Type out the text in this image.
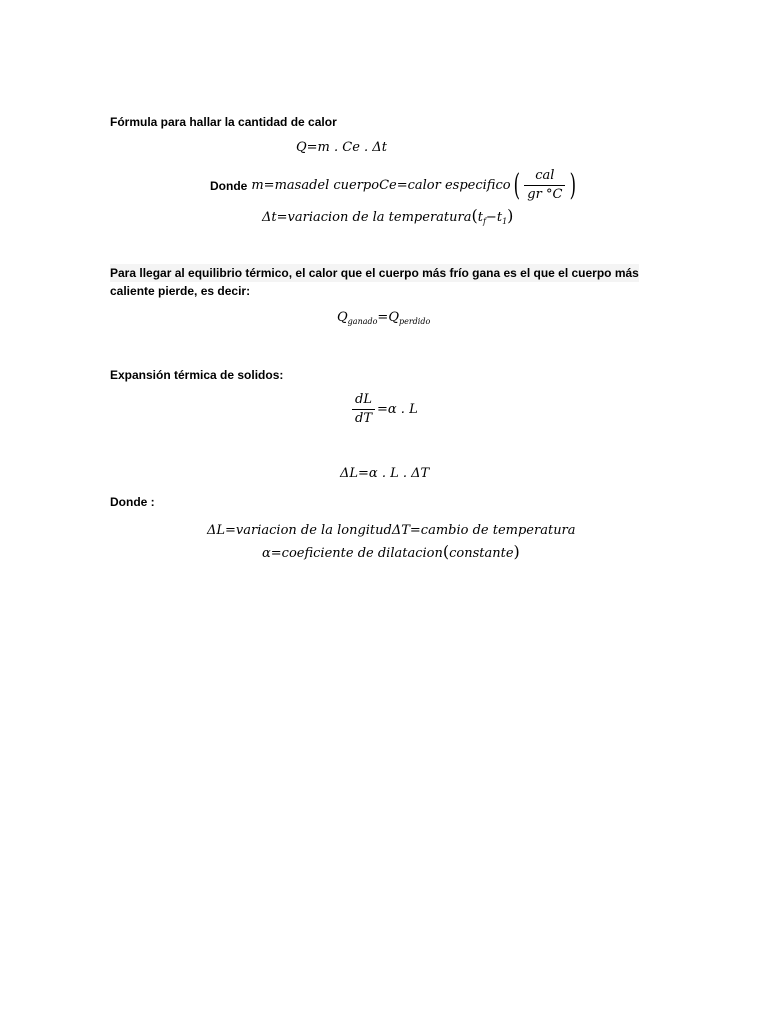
Fórmula para hallar la cantidad de calor
Q=m . Ce . Δt
Donde m=masadel cuerpoCe=calor especifico( $\frac{\text{cal}}{gr ^\circ C}$ )
Δt=variacion de la $temperatura(t_f-t_1)$
Para llegar al equilibrio térmico, el calor que el cuerpo más frío gana es el que el cuerpo más
caliente pierde, es decir:
$Q_{ganado}=Q_{perdido}$
Expansión térmica de solidos:
$\frac{dL}{dT} =\alpha$ . L
ΔL=α . L . ΔT
Donde :
ΔL=variacion de la longitudΔT=cambio de temperatura
α=coeficiente de dilatacion(constante)
